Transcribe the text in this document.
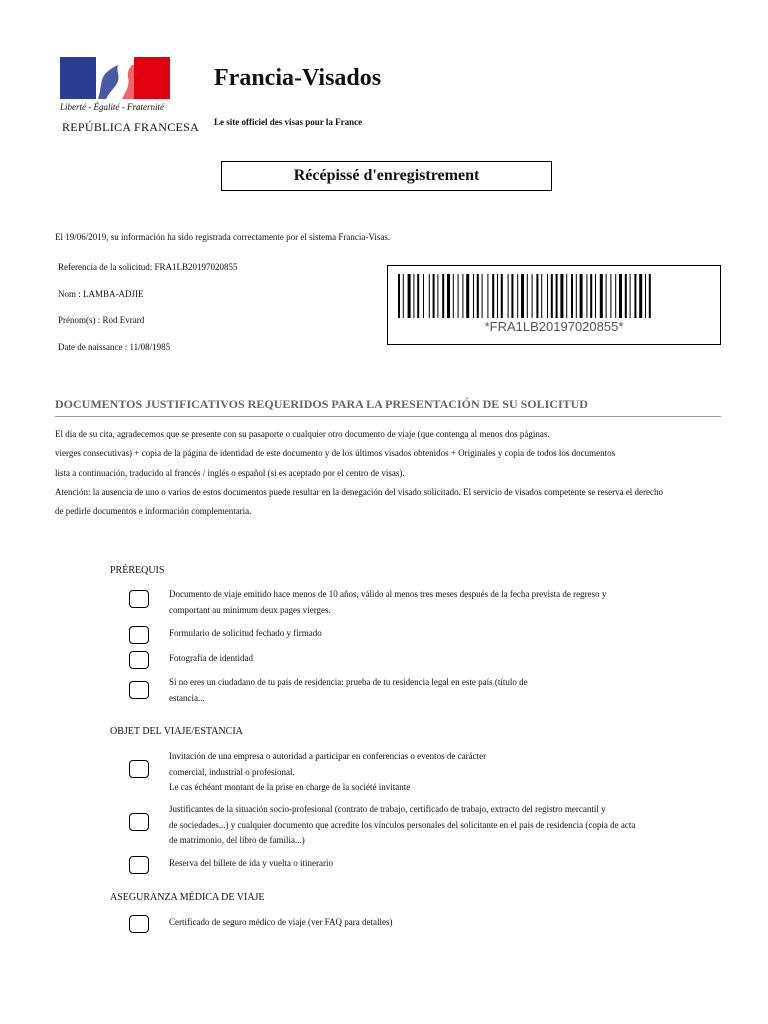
Liberté - Égalité - Fraternité
REPÚBLICA FRANCESA
Francia-Visados
Le site officiel des visas pour la France
Récépissé d'enregistrement
El 19/06/2019, su información ha sido registrada correctamente por el sistema Francia-Visas.
Referencia de la solicitud: FRA1LB20197020855
Nom : LAMBA-ADJIE
Prénom(s) : Rod Evrard
Date de naissance : 11/08/1985
*FRA1LB20197020855*
DOCUMENTOS JUSTIFICATIVOS REQUERIDOS PARA LA PRESENTACIÓN DE SU SOLICITUD
El día de su cita, agradecemos que se presente con su pasaporte o cualquier otro documento de viaje (que contenga al menos dos páginas.
vierges consecutivas) + copia de la página de identidad de este documento y de los últimos visados obtenidos + Originales y copia de todos los documentos
lista a continuación, traducido al francés / inglés o español (si es aceptado por el centro de visas).
Atención: la ausencia de uno o varios de estos documentos puede resultar en la denegación del visado solicitado. El servicio de visados competente se reserva el derecho
de pedirle documentos e información complementaria.
PRÉREQUIS
Documento de viaje emitido hace menos de 10 años, válido al menos tres meses después de la fecha prevista de regreso y
comportant au minimum deux pages vierges.
Formulario de solicitud fechado y firmado
Fotografía de identidad
Si no eres un ciudadano de tu país de residencia: prueba de tu residencia legal en este país (título de
estancia...
OBJET DEL VIAJE/ESTANCIA
Invitación de una empresa o autoridad a participar en conferencias o eventos de carácter
comercial, industrial o profesional.
Le cas échéant montant de la prise en charge de la société invitante
Justificantes de la situación socio-profesional (contrato de trabajo, certificado de trabajo, extracto del registro mercantil y
de sociedades...) y cualquier documento que acredite los vínculos personales del solicitante en el país de residencia (copia de acta
de matrimonio, del libro de familia...)
Reserva del billete de ida y vuelta o itinerario
ASEGURANZA MÉDICA DE VIAJE
Certificado de seguro médico de viaje (ver FAQ para detalles)
